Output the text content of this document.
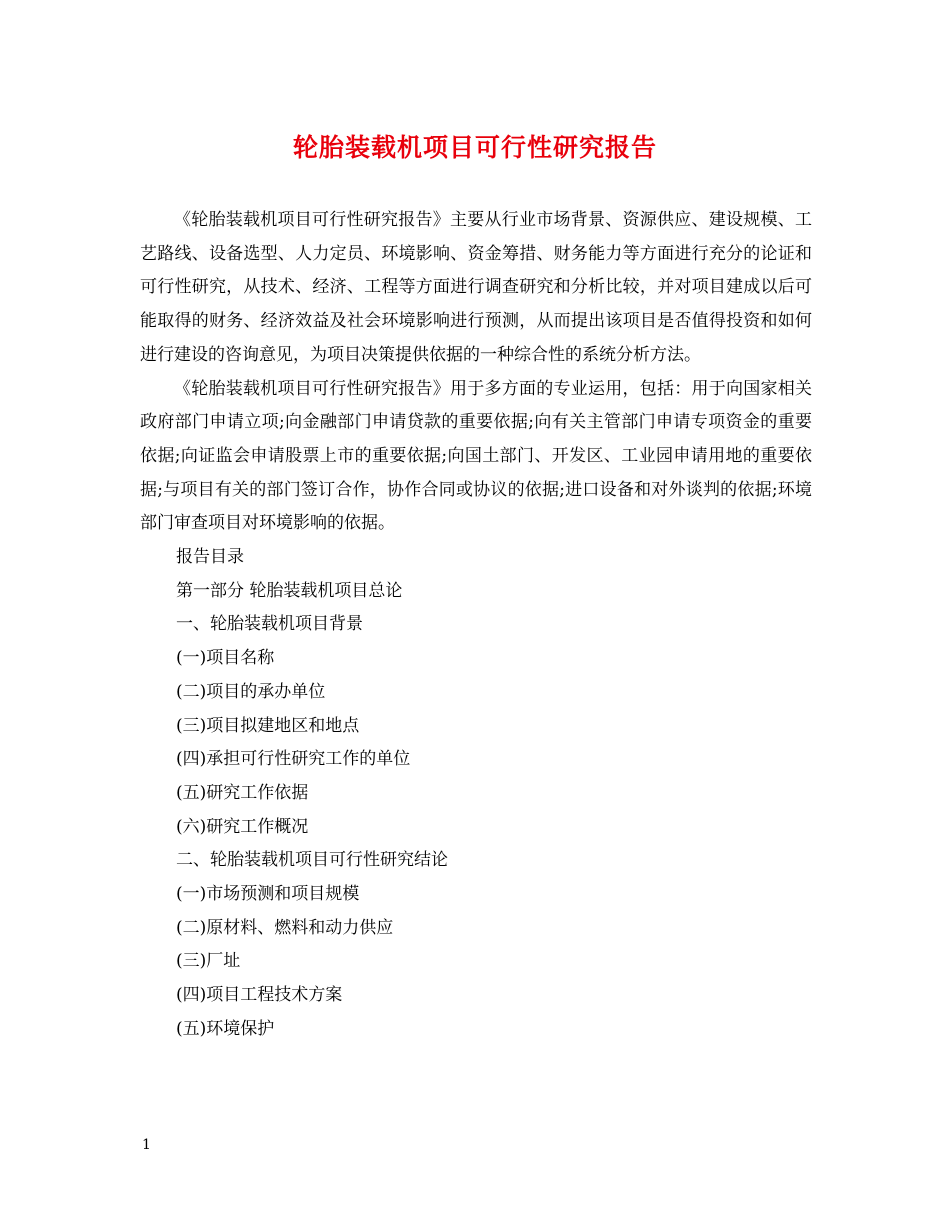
轮胎装载机项目可行性研究报告

《轮胎装载机项目可行性研究报告》主要从行业市场背景、资源供应、建设规模、工艺路线、设备选型、人力定员、环境影响、资金筹措、财务能力等方面进行充分的论证和可行性研究，从技术、经济、工程等方面进行调查研究和分析比较，并对项目建成以后可能取得的财务、经济效益及社会环境影响进行预测，从而提出该项目是否值得投资和如何进行建设的咨询意见，为项目决策提供依据的一种综合性的系统分析方法。

《轮胎装载机项目可行性研究报告》用于多方面的专业运用，包括：用于向国家相关政府部门申请立项;向金融部门申请贷款的重要依据;向有关主管部门申请专项资金的重要依据;向证监会申请股票上市的重要依据;向国土部门、开发区、工业园申请用地的重要依据;与项目有关的部门签订合作，协作合同或协议的依据;进口设备和对外谈判的依据;环境部门审查项目对环境影响的依据。

报告目录

第一部分 轮胎装载机项目总论

一、轮胎装载机项目背景

(一)项目名称

(二)项目的承办单位

(三)项目拟建地区和地点

(四)承担可行性研究工作的单位

(五)研究工作依据

(六)研究工作概况

二、轮胎装载机项目可行性研究结论

(一)市场预测和项目规模

(二)原材料、燃料和动力供应

(三)厂址

(四)项目工程技术方案

(五)环境保护

1
